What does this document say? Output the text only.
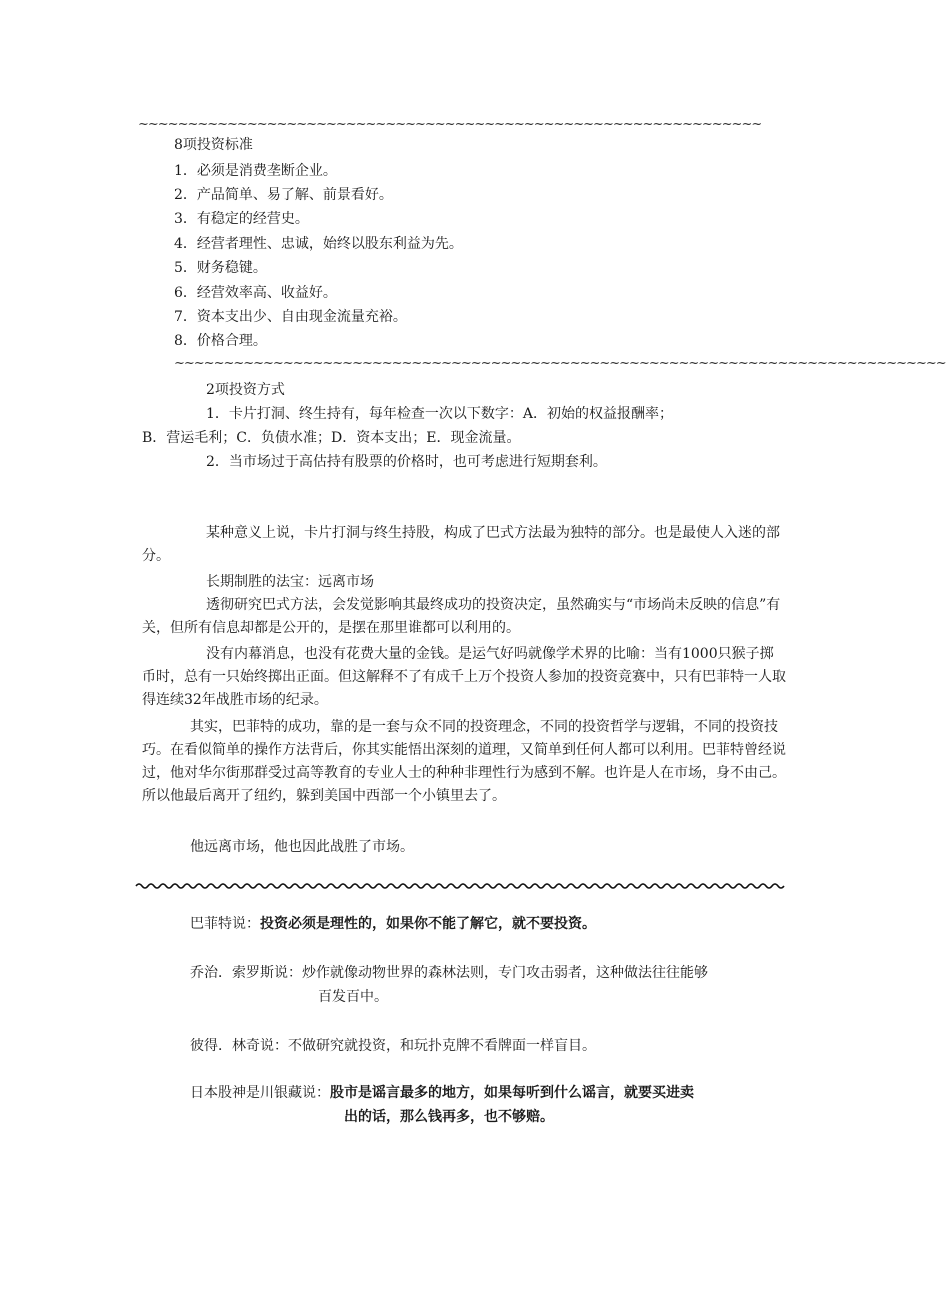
~~~~~~~~~~~~~~~~~~~~~~~~~~~~~~~~~~~~~~~~~~~~~~~~~~~~~~~~~~~~~~~
8项投资标准
1．必须是消费垄断企业。
2．产品简单、易了解、前景看好。
3．有稳定的经营史。
4．经营者理性、忠诚，始终以股东利益为先。
5．财务稳键。
6．经营效率高、收益好。
7．资本支出少、自由现金流量充裕。
8．价格合理。
~~~~~~~~~~~~~~~~~~~~~~~~~~~~~~~~~~~~~~~~~~~~~~~~~~~~~~~~~~~~~~~~~~~~~~~~~~~~~~
2项投资方式
1．卡片打洞、终生持有，每年检查一次以下数字：A．初始的权益报酬率；
B．营运毛利；C．负债水准；D．资本支出；E．现金流量。
2．当市场过于高估持有股票的价格时，也可考虑进行短期套利。
某种意义上说，卡片打洞与终生持股，构成了巴式方法最为独特的部分。也是最使人入迷的部分。
长期制胜的法宝：远离市场
透彻研究巴式方法，会发觉影响其最终成功的投资决定，虽然确实与“市场尚未反映的信息”有关，但所有信息却都是公开的，是摆在那里谁都可以利用的。
没有内幕消息，也没有花费大量的金钱。是运气好吗就像学术界的比喻：当有1000只猴子掷币时，总有一只始终掷出正面。但这解释不了有成千上万个投资人参加的投资竞赛中，只有巴菲特一人取得连续32年战胜市场的纪录。
其实，巴菲特的成功，靠的是一套与众不同的投资理念，不同的投资哲学与逻辑，不同的投资技巧。在看似简单的操作方法背后，你其实能悟出深刻的道理，又简单到任何人都可以利用。巴菲特曾经说过，他对华尔街那群受过高等教育的专业人士的种种非理性行为感到不解。也许是人在市场，身不由己。所以他最后离开了纽约，躲到美国中西部一个小镇里去了。
他远离市场，他也因此战胜了市场。
巴菲特说：投资必须是理性的，如果你不能了解它，就不要投资。
乔治．索罗斯说：炒作就像动物世界的森林法则，专门攻击弱者，这种做法往往能够
百发百中。
彼得．林奇说：不做研究就投资，和玩扑克牌不看牌面一样盲目。
日本股神是川银藏说：股市是谣言最多的地方，如果每听到什么谣言，就要买进卖
出的话，那么钱再多，也不够赔。
